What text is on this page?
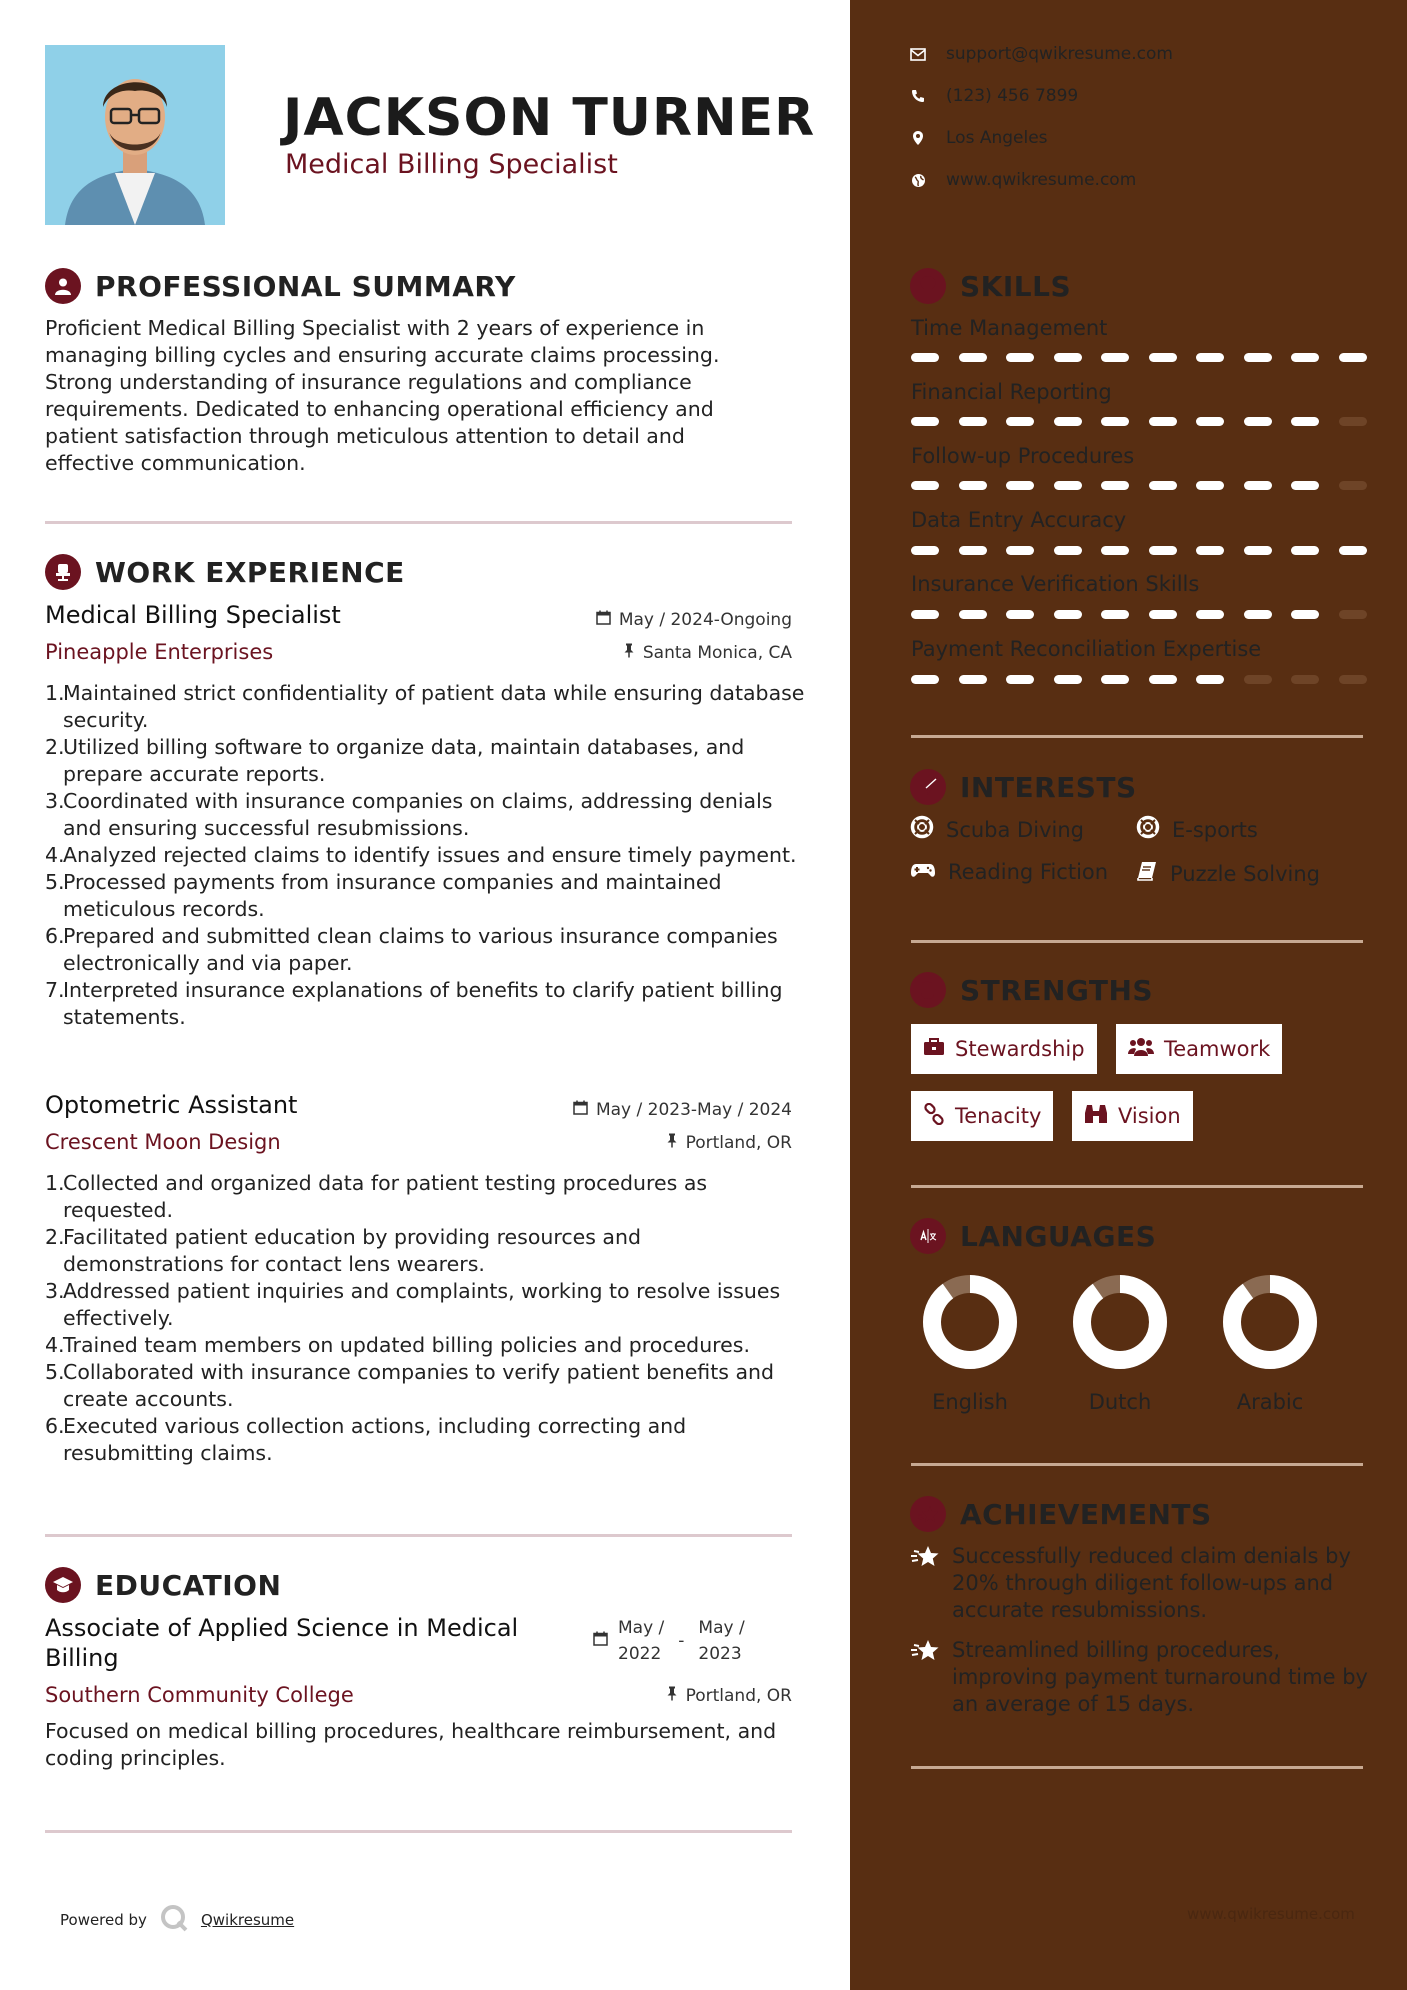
JACKSON TURNER
Medical Billing Specialist
PROFESSIONAL SUMMARY
Proficient Medical Billing Specialist with 2 years of experience in managing billing cycles and ensuring accurate claims processing. Strong understanding of insurance regulations and compliance requirements. Dedicated to enhancing operational efficiency and patient satisfaction through meticulous attention to detail and effective communication.
WORK EXPERIENCE
Medical Billing Specialist
Pineapple Enterprises
May / 2024-Ongoing
Santa Monica, CA
1.
Maintained strict confidentiality of patient data while ensuring database security.
2.
Utilized billing software to organize data, maintain databases, and prepare accurate reports.
3.
Coordinated with insurance companies on claims, addressing denials and ensuring successful resubmissions.
4.
Analyzed rejected claims to identify issues and ensure timely payment.
5.
Processed payments from insurance companies and maintained meticulous records.
6.
Prepared and submitted clean claims to various insurance companies electronically and via paper.
7.
Interpreted insurance explanations of benefits to clarify patient billing statements.
Optometric Assistant
Crescent Moon Design
May / 2023-May / 2024
Portland, OR
1.
Collected and organized data for patient testing procedures as requested.
2.
Facilitated patient education by providing resources and demonstrations for contact lens wearers.
3.
Addressed patient inquiries and complaints, working to resolve issues effectively.
4.
Trained team members on updated billing policies and procedures.
5.
Collaborated with insurance companies to verify patient benefits and create accounts.
6.
Executed various collection actions, including correcting and resubmitting claims.
EDUCATION
Associate of Applied Science in Medical
Billing
May /
2022
-
May /
2023
Southern Community College	Portland, OR
Focused on medical billing procedures, healthcare reimbursement, and coding principles.
Powered by	Qwikresume
support@qwikresume.com
(123) 456 7899
Los Angeles
www.qwikresume.com
SKILLS
Time Management
Financial Reporting
Follow-up Procedures
Data Entry Accuracy
Insurance Verification Skills
Payment Reconciliation Expertise
INTERESTS
Scuba Diving	E-sports
Reading Fiction	Puzzle Solving
STRENGTHS
Stewardship	Teamwork
Tenacity	Vision
LANGUAGES
English	Dutch	Arabic
ACHIEVEMENTS
Successfully reduced claim denials by 20% through diligent follow-ups and accurate resubmissions.
Streamlined billing procedures, improving payment turnaround time by an average of 15 days.
www.qwikresume.com
